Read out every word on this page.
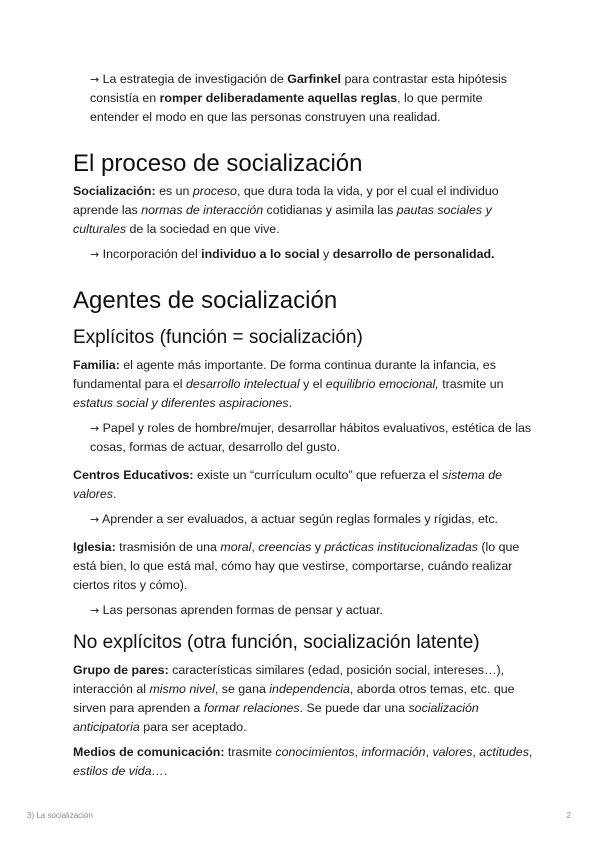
→ La estrategia de investigación de Garfinkel para contrastar esta hipótesis consistía en romper deliberadamente aquellas reglas, lo que permite entender el modo en que las personas construyen una realidad.

El proceso de socialización

Socialización: es un proceso, que dura toda la vida, y por el cual el individuo aprende las normas de interacción cotidianas y asimila las pautas sociales y culturales de la sociedad en que vive.

→ Incorporación del individuo a lo social y desarrollo de personalidad.

Agentes de socialización
Explícitos (función = socialización)

Familia: el agente más importante. De forma continua durante la infancia, es fundamental para el desarrollo intelectual y el equilibrio emocional, trasmite un estatus social y diferentes aspiraciones.

→ Papel y roles de hombre/mujer, desarrollar hábitos evaluativos, estética de las cosas, formas de actuar, desarrollo del gusto.

Centros Educativos: existe un “currículum oculto” que refuerza el sistema de valores.

→ Aprender a ser evaluados, a actuar según reglas formales y rígidas, etc.

Iglesia: trasmisión de una moral, creencias y prácticas institucionalizadas (lo que está bien, lo que está mal, cómo hay que vestirse, comportarse, cuándo realizar ciertos ritos y cómo).

→ Las personas aprenden formas de pensar y actuar.

No explícitos (otra función, socialización latente)

Grupo de pares: características similares (edad, posición social, intereses…), interacción al mismo nivel, se gana independencia, aborda otros temas, etc. que sirven para aprenden a formar relaciones. Se puede dar una socialización anticipatoria para ser aceptado.

Medios de comunicación: trasmite conocimientos, información, valores, actitudes, estilos de vida….

3) La socialización	2
